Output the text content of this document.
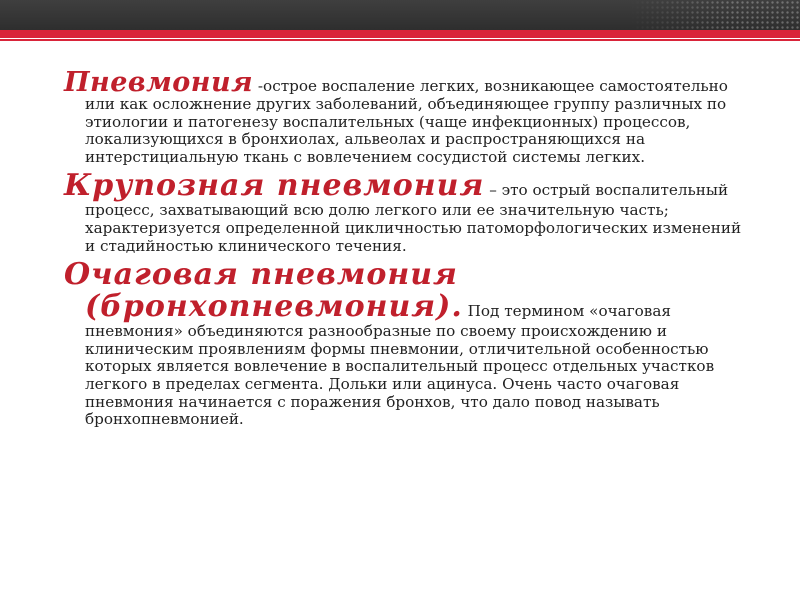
Пневмония -острое воспаление легких, возникающее самостоятельно или как осложнение других заболеваний, объединяющее группу различных по этиологии и патогенезу воспалительных (чаще инфекционных) процессов, локализующихся в бронхиолах, альвеолах и распространяющихся на интерстициальную ткань с вовлечением сосудистой системы легких.

Крупозная пневмония – это острый воспалительный процесс, захватывающий всю долю легкого или ее значительную часть; характеризуется определенной цикличностью патоморфологических изменений и стадийностью клинического течения.

Очаговая пневмония (бронхопневмония). Под термином «очаговая пневмония» объединяются разнообразные по своему происхождению и клиническим проявлениям формы пневмонии, отличительной особенностью которых является вовлечение в воспалительный процесс отдельных участков легкого в пределах сегмента. Дольки или ацинуса. Очень часто очаговая пневмония начинается с поражения бронхов, что дало повод называть бронхопневмонией.
